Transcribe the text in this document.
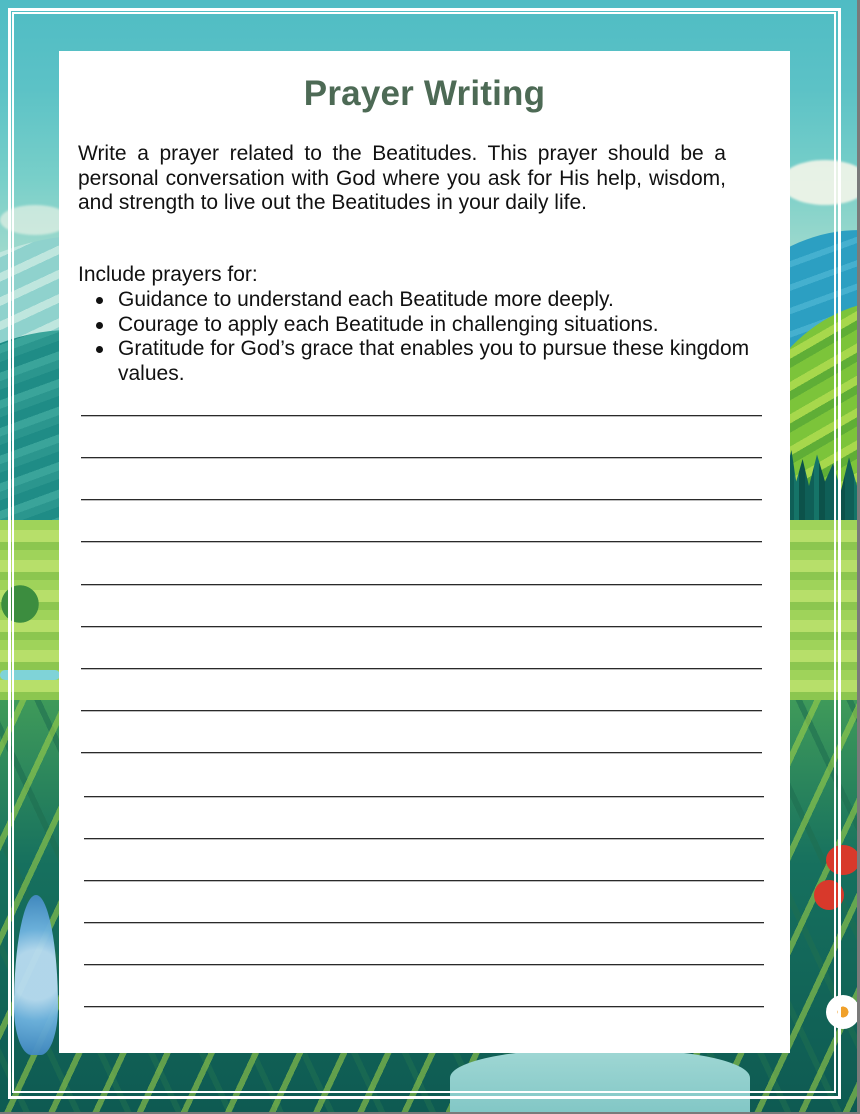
Prayer Writing

Write a prayer related to the Beatitudes. This prayer should be a personal conversation with God where you ask for His help, wisdom, and strength to live out the Beatitudes in your daily life.

Include prayers for:

Guidance to understand each Beatitude more deeply.
Courage to apply each Beatitude in challenging situations.
Gratitude for God’s grace that enables you to pursue these kingdom values.
